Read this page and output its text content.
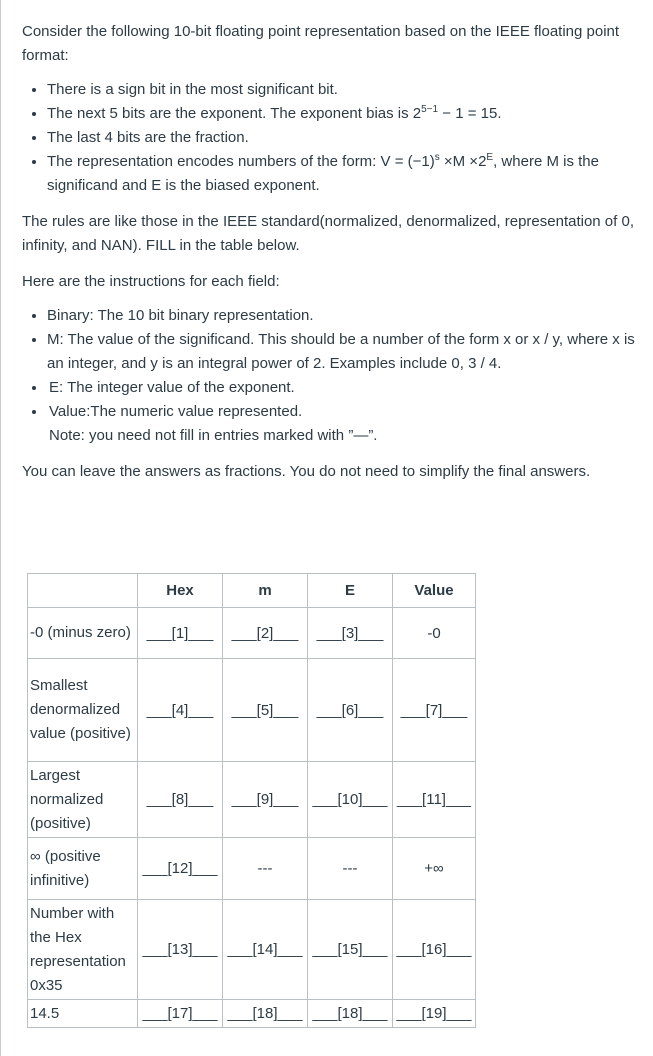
Consider the following 10-bit floating point representation based on the IEEE floating point format:

• There is a sign bit in the most significant bit.
• The next 5 bits are the exponent. The exponent bias is $2^{5-1} - 1 = 15$.
• The last 4 bits are the fraction.
• The representation encodes numbers of the form: $V = (-1)^s \times M \times 2^E$, where M is the significand and E is the biased exponent.

The rules are like those in the IEEE standard(normalized, denormalized, representation of 0, infinity, and NAN). FILL in the table below.

Here are the instructions for each field:

• Binary: The 10 bit binary representation.
• M: The value of the significand. This should be a number of the form x or x / y, where x is an integer, and y is an integral power of 2. Examples include 0, 3 / 4.
• E: The integer value of the exponent.
• Value:The numeric value represented.
Note: you need not fill in entries marked with ”—”.

You can leave the answers as fractions. You do not need to simplify the final answers.

	Hex	m	E	Value
-0 (minus zero)	___[1]___	___[2]___	___[3]___	-0
Smallest denormalized value (positive)	___[4]___	___[5]___	___[6]___	___[7]___
Largest normalized (positive)	___[8]___	___[9]___	___[10]___	___[11]___
∞ (positive infinitive)	___[12]___	---	---	+∞
Number with the Hex representation 0x35	___[13]___	___[14]___	___[15]___	___[16]___
14.5	___[17]___	___[18]___	___[18]___	___[19]___
